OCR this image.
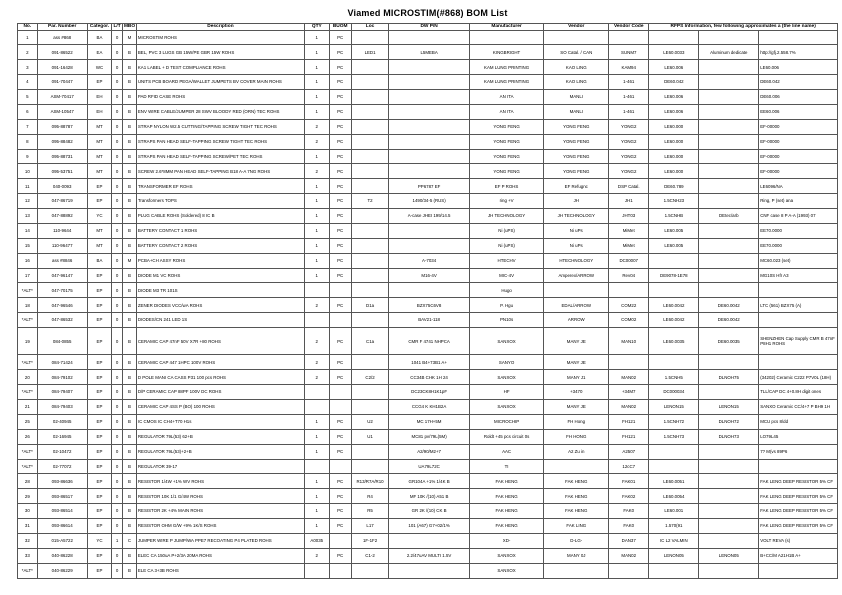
Viamed MICROSTIM(#868) BOM List
No.	Par. Number	Categor.	L/T	MBO	Description	QTY	BUOM	Loc	DW P/N	Manufacturer	Vendor	Vendor Code	RFPS Information, few following approximates a (the line name)		
1	ass #868	BA	0	M	MICROSTIM ROHS	1	PC								
2	091-86522	EA	0	B	BEL, PVC 3 LUGS GB 15W/PE GBR 15W ROHS	1	PC	LED1	L5MEBA	KINGBRIGHT	SO Catal. / CAN	SUNM7	LE60.0033	Aluminum dedicate	http://gfj.2.558.7%
3	091-16428	WC	0	B	KA1 LABEL + D TEST COMPLIANCE ROHS	1	PC			KAM LUNG PRINTING	KAO LING	KAM94	LE60.006		LE60.006
4	091-70447	EP	0	B	UNITS PCB BOARD PEGA/WALLET JUMPETS BV COVER MAIN ROHS	1	PC			KAM LUNG PRINTING	KAO LING	1-461	DE60.042		DE60.042
5	ASM-70417	EH	0	B	PAD RFID CASE ROHS	1	PC			AN ITA	MANLI	1-461	LE60.006		DE60.006
6	ASM-10547	EH	0	B	ENV WIRE CABLE/JUMPER 28 SWV BLOODY RED (ORN) TEC ROHS	1	PC			AN ITA	MANLI	1-461	LE60.006		EE60.006
7	095-88787	MT	0	B	STRAP NYLON W2.5 CUTTING/TAPPING SCREW TIGHT TEC ROHS	2	PC			YONG FENG	YONG FENG	YONG2	LE60.000		EF-00000
8	095-88482	MT	0	B	STRAPS PAN HEAD SELF-TAPPING SCREW TIGHT TEC ROHS	2	PC			YONG FENG	YONG FENG	YONG2	LE60.000		EF-00000
9	095-88731	MT	0	B	STRAPS PAN HEAD SELF-TAPPING SCREW/PET TEC ROHS	1	PC			YONG FENG	YONG FENG	YONG2	LE60.000		EF-00000
10	095-53751	MT	0	B	SCREW 2.6*8MM PAN HEAD SELF-TAPPING B18 A-A 7NG ROHS	2	PC			YONG FENG	YONG FENG	YONG2	LE60.000		EF-00000
11	040-0093	EP	0	B	TRANSFORMER EF ROHS	1	PC		PP6787 EF	EF P ROHS	EF Refugnc	DSP Catal.	DE60.789		LE6096/NA
12	047-86719	EP	0	B	Transformers TOPS	1	PC	T2	1490/34-5 (RUS)	ring +V	JH	JH1	1.5CNH23		Ring, P (set) ana
13	047-88892	YC	0	B	PLUG CABLE ROHS (Soldered) 8 IC B	1	PC		A-case JHEI 199/14.5	JH TECHNOLOGY	JH TECHNOLOGY	JHT03	1.5CNHB	DEtec/arb	CNF case 8 P A-A (1993) 07
14	110-9644	MT	0	B	BATTERY CONTACT 1 ROHS	1	PC			Ni (uPS)	Ni uPs	MiMet	LE60.005		EE70.0000
15	110-96477	MT	0	B	BATTERY CONTACT 2 ROHS	1	PC			Ni (uPS)	Ni uPs	MiMet	LE60.005		EE70.0000
16	ass #8846	BA	0	M	PCBA+CH ASSY ROHS	1	PC		A-7034	HTECHV	HTECHNOLOGY	DC00007			MC60.023 (set)
17	047-96147	EP	0	B	DIODE M1 VC ROHS	1	PC		M16-4V	MIC-4V	Amperex/ARROW	Rev04	DE9078-1E78		MG10S Hfr A3
*ALT*	047-70175	EP	0	B	DIODE M3 TR 101S					Hugo					
18	047-96546	EP	0	B	ZENER DIODES VCC/wA ROHS	2	PC	D1a	BZX75C6V8	P. Hgu	EDAL/ARROW	COM22	LE60.0042	DE60.0042	LTC (561) BZX75 (A)
*ALT*	047-86532	EP	0	B	DIODES/CN 241 LED 1S				BAV21-118	PN10s	ARROW	COM02	LE60.0042	DE60.0042	
19	084-0855	EP	0	B	CERAMIC CAP 47nF 50V X7R +80 ROHS	2	PC	C1a	CMR F 4741 NHPCA	SANXOX	MANY JE	MAN10	LE60.0035	DE60.0035	SHENZHEN Cap Supply CMR B 47nF P8H1 ROHS
*ALT*	084-71424	EP	0	B	CERAMIC CAP 447 1HPC 100V ROHS	2	PC		1041 B4+73B1 A+	SANYO	MANY JE				
20	084-79102	EP	0	B	D POLE MANI CA CASS P31 100 pcs ROHS	2	PC	C2/2	CC34B CHK 1H 24	SANXOX	MANY J1	MAN02	1.5CNH5	DLNOH75	(34202) Ceramic C222 P7V0L (18H)
*ALT*	084-79407	EP	0	B	D/P CERAMIC CAP 88PF 100V DC ROHS				DC23CK8H1K1pF	HF	+3470	+34M7	DC000034		TLL/CAP DC 4+0.8H digit ones
21	084-79403	EP	0	B	CERAMIC CAP 4SS P (BO) 100 ROHS				CCG4 K KH1B2A	SANXOX	MANY JE	MAN02	LENON15	LENON15	SANXO Ceramic CC/4+7 P BH9 1H
25	02-40945	EP	0	B	IC CMOS IC CH4+T70 H1s	1	PC	U2	MC 17H+5M	MICROCHIP	FH Hong	FH121	1.5CNH72	DLNOH72	MCU pcs 8/dd
26	02-16945	EP	0	B	REGULATOR 79L(53) 62+B	1	PC	U1	MC81 pv/79L(5M)	Roldt +45 pcs circuit 0s	FH HONG	FH121	1.5CNH73	DLNOH73	LO79L45
*ALT*	02-10472	EP	0	B	REGULATOR 79L(53)+2+B	1	PC		A2/90/M2+7	AAC	A2 Zu in	A2507			7? M(vs 89P6
*ALT*	02-77072	EP	0	B	REGULATOR 39-17				UA79L72C	TI		12cC7			
28	093-86636	EP	0	B	RESISTOR 1/4W +1% WV ROHS	1	PC	R13/R7A/R10	GR104A +1% 1/4K B	FAK HENG	FAK HENG	FAK01	LE60.0051		FAK LENG DEEP RESISTOR 5% CF
29	093-86517	EP	0	B	RESISTOR 10K 1/1 G/4W ROHS	1	PC	R4	MF 10K /(10) A51 B	FAK HENG	FAK HENG	FAK02	LE60.0054		FAK LENG DEEP RESISTOR 5% CF
30	093-86514	EP	0	B	RESISTOR 2K +4% MAIN ROHS	1	PC	R5	GR 2K /(10) CK B	FAK HENG	FAK HENG	FAK0	LE60.001		FAK LENG DEEP RESISTOR 5% CF
31	093-86614	EP	0	B	RESISTOR OHM G/W +9% 1K/S ROHS	1	PC	L17	101 (A67) G7+02/1%	FAK HENG	FAK LING	FAK0	1.570(91		FAK LENG DEEP RESISTOR 5% CF
32	015-A5722	YC	1	C	JUMPER WIRE P JUMP/WA PPE7 RECOATING P4 PLATED ROHS	A0035		1F-1F2		XD-	D-LG-	DAN37	IC L2 VALMIN		VOLT REVA (s)
33	040-86228	EP	0	B	ELEC CA 150uA P+2/3A 20MA ROHS	2	PC	C1-2	2.2/47uAV MULTI 1.5V	SANXOX	MANY 0J	MAN02	LENON05	LENON05	B+CC/M A21H1B A+
*ALT*	040-86229	EP	0	B	ELE CA 3+3B ROHS					SANXOX					
